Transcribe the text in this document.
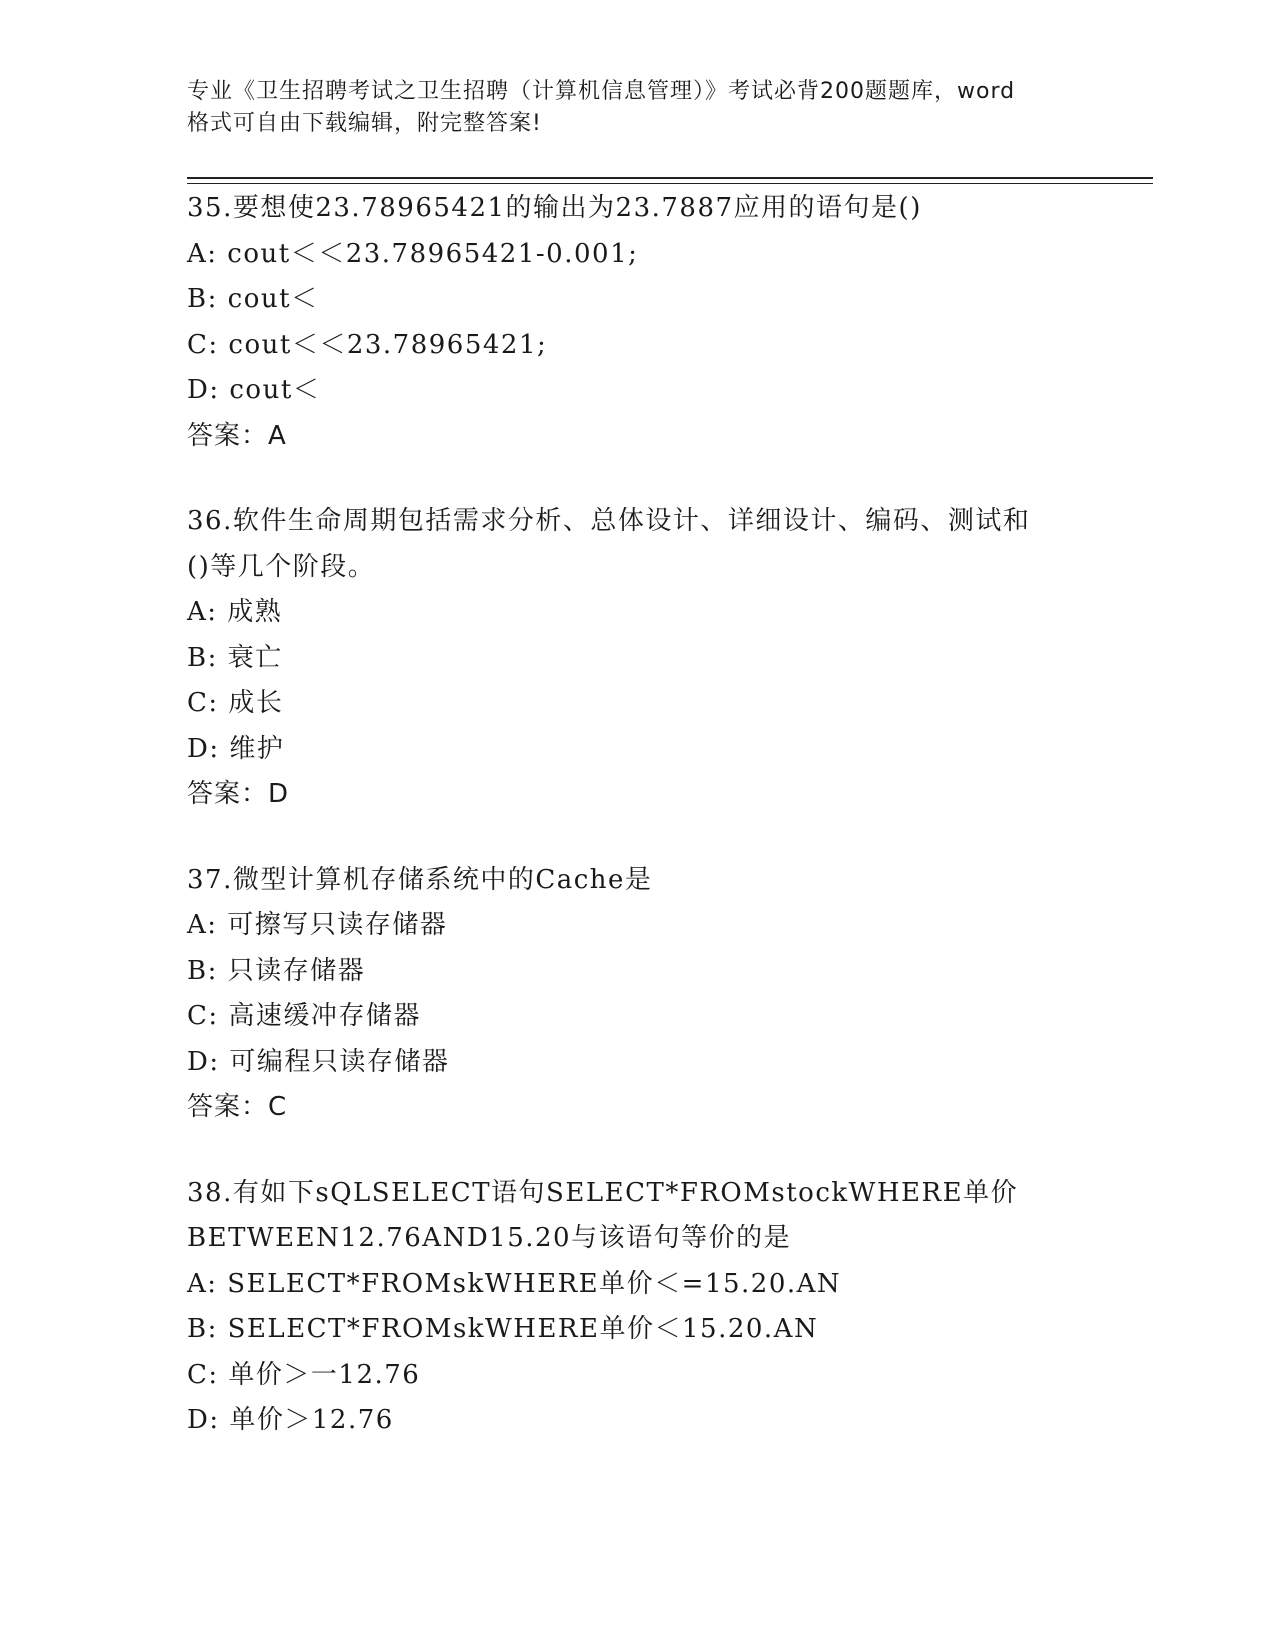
专业《卫生招聘考试之卫生招聘（计算机信息管理）》考试必背200题题库，word
格式可自由下载编辑，附完整答案!
35.要想使23.78965421的输出为23.7887应用的语句是()
A: cout＜＜23.78965421-0.001;
B: cout＜
C: cout＜＜23.78965421;
D: cout＜
答案：A
36.软件生命周期包括需求分析、总体设计、详细设计、编码、测试和
()等几个阶段。
A: 成熟
B: 衰亡
C: 成长
D: 维护
答案：D
37.微型计算机存储系统中的Cache是
A: 可擦写只读存储器
B: 只读存储器
C: 高速缓冲存储器
D: 可编程只读存储器
答案：C
38.有如下sQLSELECT语句SELECT*FROMstockWHERE单价
BETWEEN12.76AND15.20与该语句等价的是
A: SELECT*FROMskWHERE单价＜=15.20.AN
B: SELECT*FROMskWHERE单价＜15.20.AN
C: 单价＞一12.76
D: 单价＞12.76
